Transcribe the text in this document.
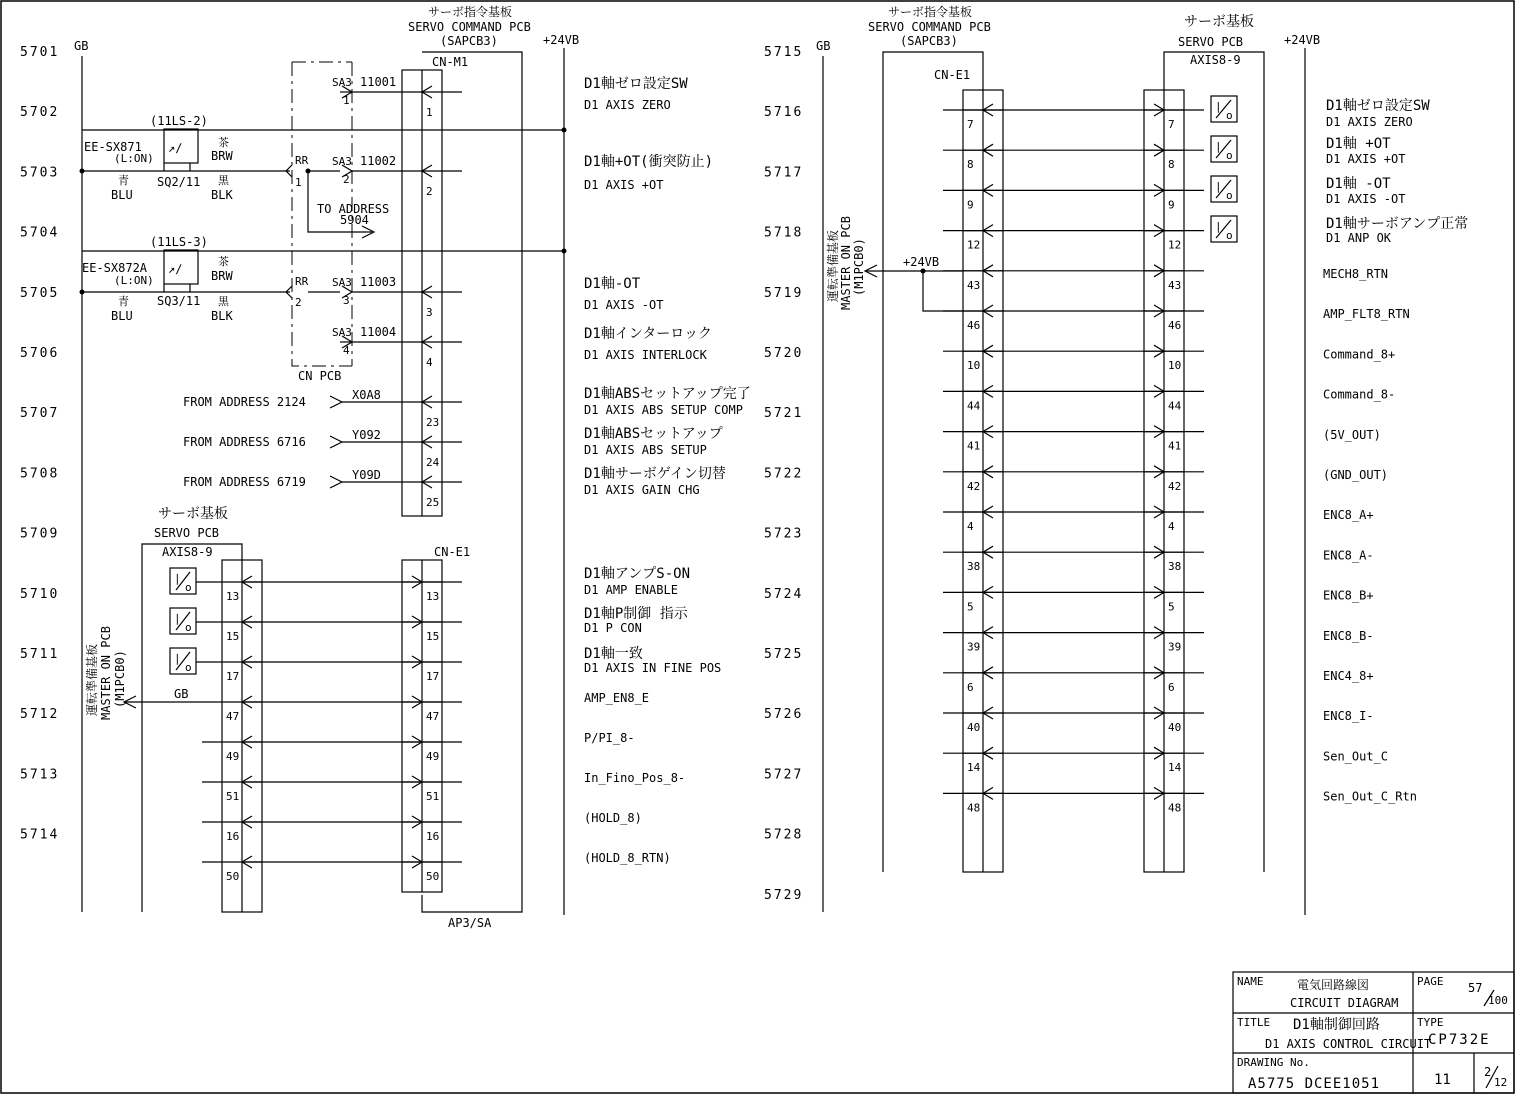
5701
5702
5703
5704
5705
5706
5707
5708
5709
5710
5711
5712
5713
5714
GB	+24VB
サーボ指令基板
SERVO COMMAND PCB
(SAPCB3)
AP3/SA
CN-M1
1
2
3
4
23
24
25
CN PCB
SA3
1
11001
SA3
2
11002
SA3
3
11003
SA3
4
11004
(11LS-2)
↗∕
EE-SX871
(L:ON)
茶
BRW
青
BLU
SQ2/11 黒
BLK
RR
1
TO ADDRESS
5904
(11LS-3)
↗∕
EE-SX872A
(L:ON)
茶
BRW
青
BLU
SQ3/11 黒
BLK
RR
2
FROM ADDRESS 2124	X0A8
FROM ADDRESS 6716	Y092
FROM ADDRESS 6719	Y09D
サーボ基板
SERVO PCB
AXIS8-9	CN-E1
13	13
15	15
17	17
47	47
49	49
51	51
16	16
50	50
|
o
|
o
|
o
運転準備基板 MASTER ON PCB (M1PCB0)	GB
D1軸ゼロ設定SW
D1 AXIS ZERO
D1軸+OT(衝突防止)
D1 AXIS +OT
D1軸-OT
D1 AXIS -OT
D1軸インターロック
D1 AXIS INTERLOCK
D1軸ABSセットアップ完了
D1 AXIS ABS SETUP COMP
D1軸ABSセットアップ
D1 AXIS ABS SETUP
D1軸サーボゲイン切替
D1 AXIS GAIN CHG
D1軸アンプS-ON
D1 AMP ENABLE
D1軸P制御 指示
D1 P CON
D1軸一致
D1 AXIS IN FINE POS
AMP_EN8_E
P/PI_8-
In_Fino_Pos_8-
(HOLD_8)
(HOLD_8_RTN)
5715
5716
5717
5718
5719
5720
5721
5722
5723
5724
5725
5726
5727
5728
5729
GB	+24VB
サーボ指令基板
SERVO COMMAND PCB
(SAPCB3)
CN-E1
サーボ基板
SERVO PCB
AXIS8-9
7	7
8	8
9	9
12	12
43	43
46	46
10	10
44	44
41	41
42	42
4	4
38	38
5	5
39	39
6	6
40	40
14	14
48	48
|
o
|
o
|
o
|
o
運転準備基板 MASTER ON PCB (M1PCB0)	+24VB
D1軸ゼロ設定SW
D1 AXIS ZERO
D1軸 +OT
D1 AXIS +OT
D1軸 -OT
D1 AXIS -OT
D1軸サーボアンプ正常
D1 ANP OK
MECH8_RTN
AMP_FLT8_RTN
Command_8+
Command_8-
(5V_OUT)
(GND_OUT)
ENC8_A+
ENC8_A-
ENC8_B+
ENC8_B-
ENC4_8+
ENC8_I-
Sen_Out_C
Sen_Out_C_Rtn
NAME	電気回路線図
CIRCUIT DIAGRAM
PAGE 57
100
TITLE D1軸制御回路
D1 AXIS CONTROL CIRCUIT
TYPE
CP732E
DRAWING No.
A5775 DCEE1051	11	2
12
